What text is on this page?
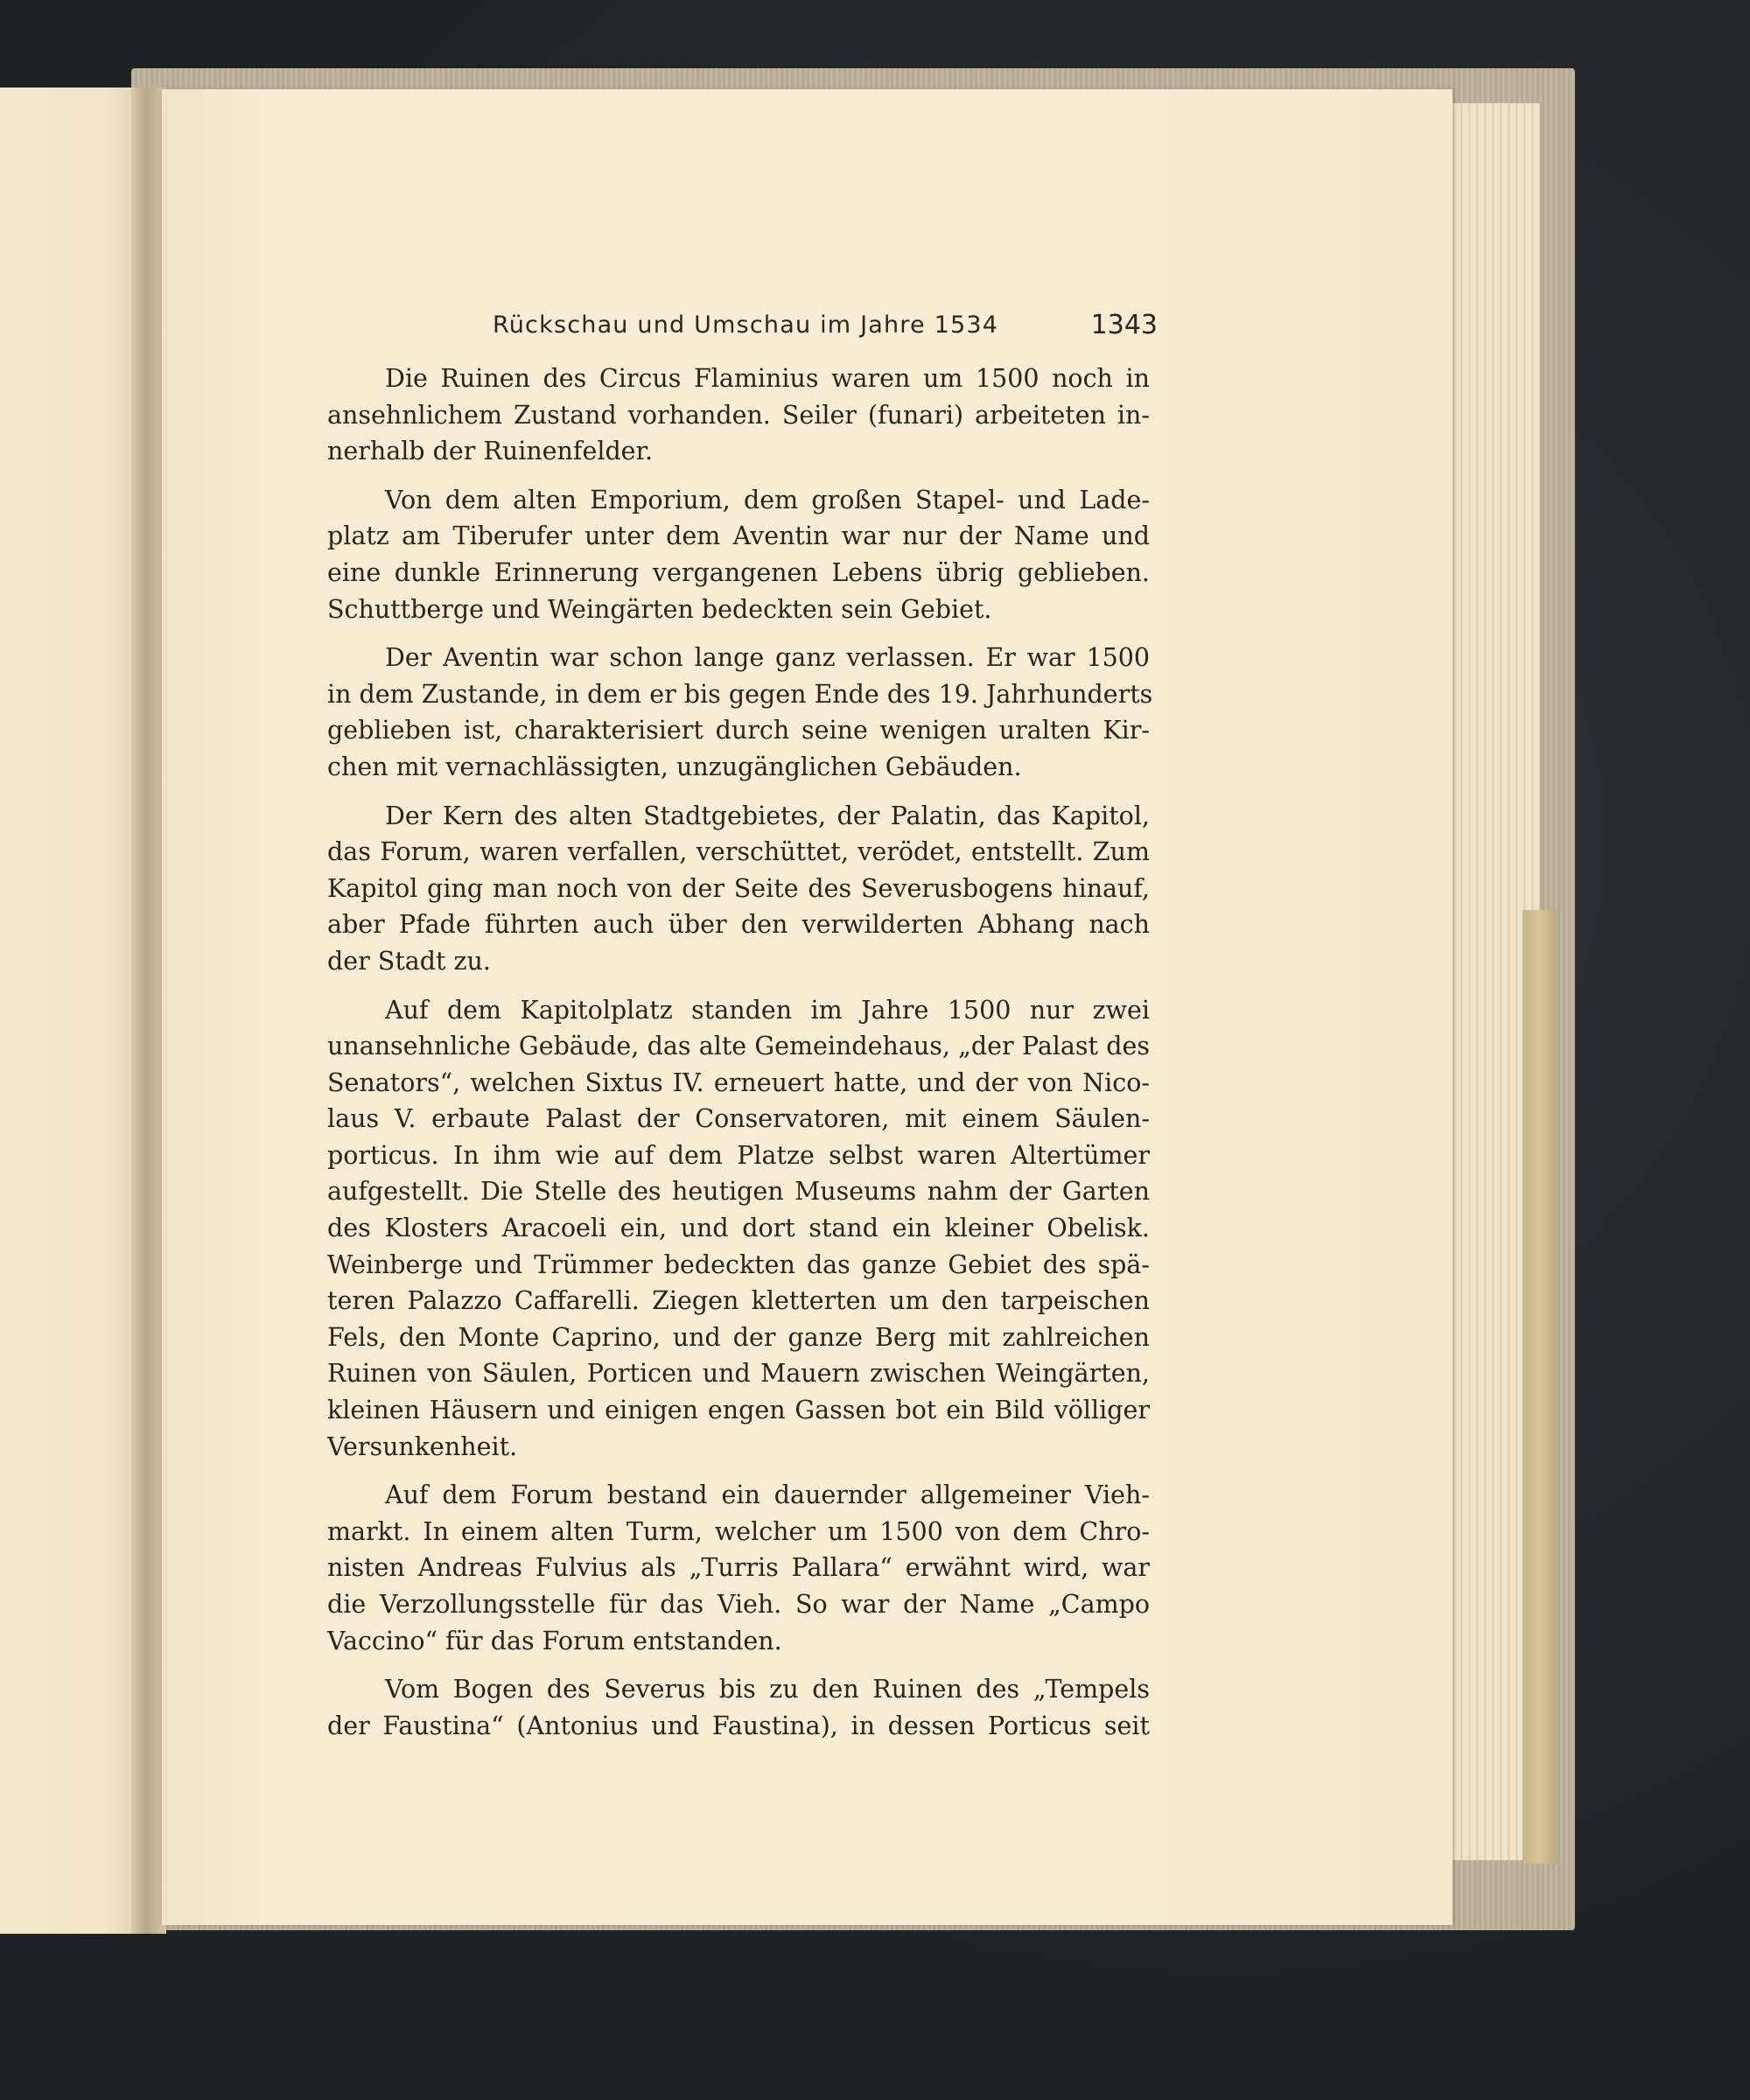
Rückschau und Umschau im Jahre 1534	1343
Die Ruinen des Circus Flaminius waren um 1500 noch in
ansehnlichem Zustand vorhanden. Seiler (funari) arbeiteten in-
nerhalb der Ruinenfelder.
Von dem alten Emporium, dem großen Stapel- und Lade-
platz am Tiberufer unter dem Aventin war nur der Name und
eine dunkle Erinnerung vergangenen Lebens übrig geblieben.
Schuttberge und Weingärten bedeckten sein Gebiet.
Der Aventin war schon lange ganz verlassen. Er war 1500
in dem Zustande, in dem er bis gegen Ende des 19. Jahrhunderts
geblieben ist, charakterisiert durch seine wenigen uralten Kir-
chen mit vernachlässigten, unzugänglichen Gebäuden.
Der Kern des alten Stadtgebietes, der Palatin, das Kapitol,
das Forum, waren verfallen, verschüttet, verödet, entstellt. Zum
Kapitol ging man noch von der Seite des Severusbogens hinauf,
aber Pfade führten auch über den verwilderten Abhang nach
der Stadt zu.
Auf dem Kapitolplatz standen im Jahre 1500 nur zwei
unansehnliche Gebäude, das alte Gemeindehaus, „der Palast des
Senators“, welchen Sixtus IV. erneuert hatte, und der von Nico-
laus V. erbaute Palast der Conservatoren, mit einem Säulen-
porticus. In ihm wie auf dem Platze selbst waren Altertümer
aufgestellt. Die Stelle des heutigen Museums nahm der Garten
des Klosters Aracoeli ein, und dort stand ein kleiner Obelisk.
Weinberge und Trümmer bedeckten das ganze Gebiet des spä-
teren Palazzo Caffarelli. Ziegen kletterten um den tarpeischen
Fels, den Monte Caprino, und der ganze Berg mit zahlreichen
Ruinen von Säulen, Porticen und Mauern zwischen Weingärten,
kleinen Häusern und einigen engen Gassen bot ein Bild völliger
Versunkenheit.
Auf dem Forum bestand ein dauernder allgemeiner Vieh-
markt. In einem alten Turm, welcher um 1500 von dem Chro-
nisten Andreas Fulvius als „Turris Pallara“ erwähnt wird, war
die Verzollungsstelle für das Vieh. So war der Name „Campo
Vaccino“ für das Forum entstanden.
Vom Bogen des Severus bis zu den Ruinen des „Tempels
der Faustina“ (Antonius und Faustina), in dessen Porticus seit
